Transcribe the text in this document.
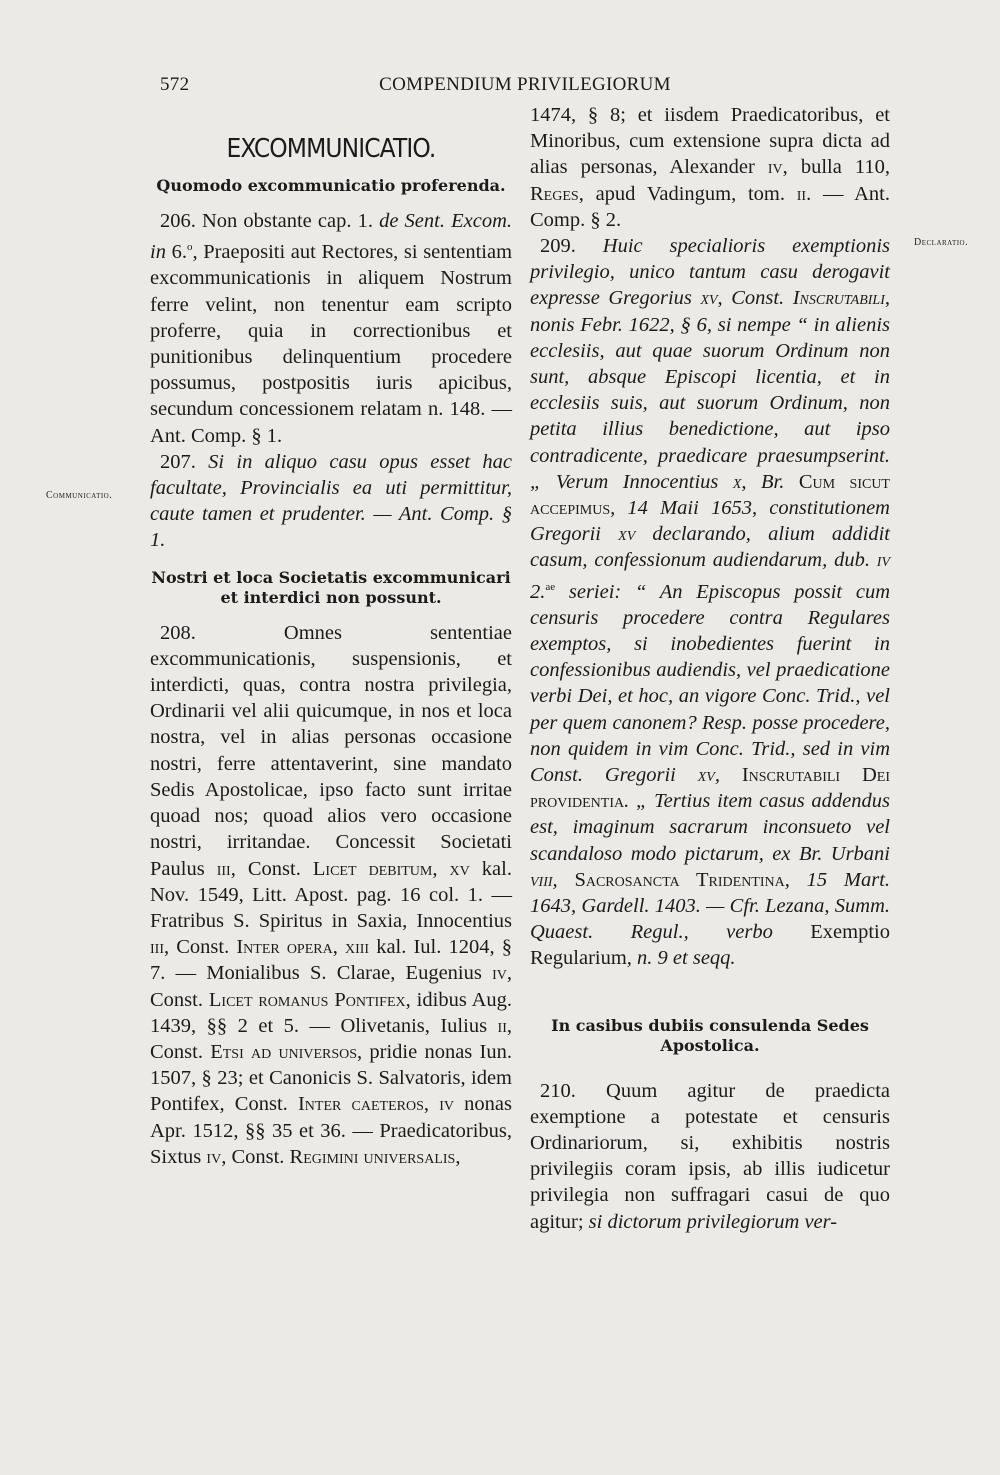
572	COMPENDIUM PRIVILEGIORUM
Communicatio.
Declaratio.
EXCOMMUNICATIO.
Quomodo excommunicatio proferenda.

206. Non obstante cap. 1. de Sent. Excom. in 6.$^o$, Praepositi aut Rectores, si sententiam excommunicationis in aliquem Nostrum ferre velint, non tenentur eam scripto proferre, quia in correctionibus et punitionibus delinquentium procedere possumus, postpositis iuris apicibus, secundum concessionem relatam n. 148. — Ant. Comp. § 1.

207. Si in aliquo casu opus esset hac facultate, Provincialis ea uti permittitur, caute tamen et prudenter. — Ant. Comp. § 1.

Nostri et loca Societatis excommunicari et interdici non possunt.

208. Omnes sententiae excommunicationis, suspensionis, et interdicti, quas, contra nostra privilegia, Ordinarii vel alii quicumque, in nos et loca nostra, vel in alias personas occasione nostri, ferre attentaverint, sine mandato Sedis Apostolicae, ipso facto sunt irritae quoad nos; quoad alios vero occasione nostri, irritandae. Concessit Societati Paulus iii, Const. Licet debitum, xv kal. Nov. 1549, Litt. Apost. pag. 16 col. 1. — Fratribus S. Spiritus in Saxia, Innocentius iii, Const. Inter opera, xiii kal. Iul. 1204, § 7. — Monialibus S. Clarae, Eugenius iv, Const. Licet romanus Pontifex, idibus Aug. 1439, §§ 2 et 5. — Olivetanis, Iulius ii, Const. Etsi ad universos, pridie nonas Iun. 1507, § 23; et Canonicis S. Salvatoris, idem Pontifex, Const. Inter caeteros, iv nonas Apr. 1512, §§ 35 et 36. — Praedicatoribus, Sixtus iv, Const. Regimini universalis,

1474, § 8; et iisdem Praedicatoribus, et Minoribus, cum extensione supra dicta ad alias personas, Alexander iv, bulla 110, Reges, apud Vadingum, tom. ii. — Ant. Comp. § 2.

209. Huic specialioris exemptionis privilegio, unico tantum casu derogavit expresse Gregorius xv, Const. Inscrutabili, nonis Febr. 1622, § 6, si nempe “ in alienis ecclesiis, aut quae suorum Ordinum non sunt, absque Episcopi licentia, et in ecclesiis suis, aut suorum Ordinum, non petita illius benedictione, aut ipso contradicente, praedicare praesumpserint. „ Verum Innocentius x, Br. Cum sicut accepimus, 14 Maii 1653, constitutionem Gregorii xv declarando, alium addidit casum, confessionum audiendarum, dub. iv 2.$^{ae}$ seriei: “ An Episcopus possit cum censuris procedere contra Regulares exemptos, si inobedientes fuerint in confessionibus audiendis, vel praedicatione verbi Dei, et hoc, an vigore Conc. Trid., vel per quem canonem? Resp. posse procedere, non quidem in vim Conc. Trid., sed in vim Const. Gregorii xv, Inscrutabili Dei providentia. „ Tertius item casus addendus est, imaginum sacrarum inconsueto vel scandaloso modo pictarum, ex Br. Urbani viii, Sacrosancta Tridentina, 15 Mart. 1643, Gardell. 1403. — Cfr. Lezana, Summ. Quaest. Regul., verbo Exemptio Regularium, n. 9 et seqq.

In casibus dubiis consulenda Sedes Apostolica.

210. Quum agitur de praedicta exemptione a potestate et censuris Ordinariorum, si, exhibitis nostris privilegiis coram ipsis, ab illis iudicetur privilegia non suffragari casui de quo agitur; si dictorum privilegiorum ver-
